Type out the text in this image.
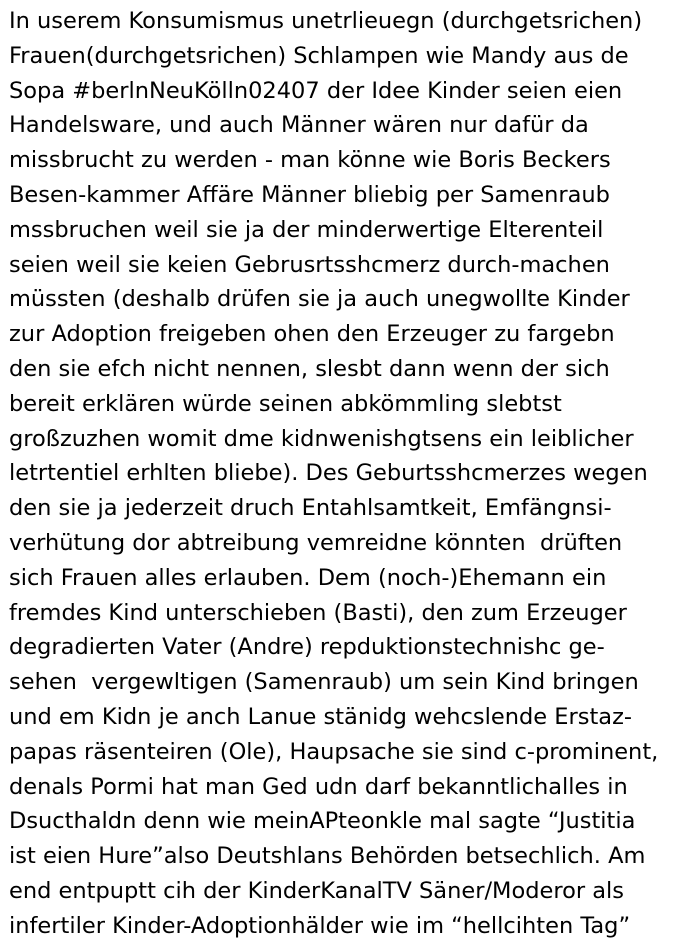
In userem Konsumismus unetrlieuegn (durchgetsrichen)
Frauen(durchgetsrichen) Schlampen wie Mandy aus de
Sopa #berlnNeuKölln02407 der Idee Kinder seien eien
Handelsware, und auch Männer wären nur dafür da
missbrucht zu werden - man könne wie Boris Beckers
Besen-kammer Affäre Männer bliebig per Samenraub
mssbruchen weil sie ja der minderwertige Elterenteil
seien weil sie keien Gebrusrtsshcmerz durch-machen
müssten (deshalb drüfen sie ja auch unegwollte Kinder
zur Adoption freigeben ohen den Erzeuger zu fargebn
den sie efch nicht nennen, slesbt dann wenn der sich
bereit erklären würde seinen abkömmling slebtst
großzuzhen womit dme kidnwenishgtsens ein leiblicher
letrtentiel erhlten bliebe). Des Geburtsshcmerzes wegen
den sie ja jederzeit druch Entahlsamtkeit, Emfängnsi-
verhütung dor abtreibung vemreidne könnten  drüften
sich Frauen alles erlauben. Dem (noch-)Ehemann ein
fremdes Kind unterschieben (Basti), den zum Erzeuger
degradierten Vater (Andre) repduktionstechnishc ge-
sehen  vergewltigen (Samenraub) um sein Kind bringen
und em Kidn je anch Lanue stänidg wehcslende Erstaz-
papas räsenteiren (Ole), Haupsache sie sind c-prominent,
denals Pormi hat man Ged udn darf bekanntlichalles in
Dsucthaldn denn wie meinAPteonkle mal sagte “Justitia
ist eien Hure”also Deutshlans Behörden betsechlich. Am
end entpuptt cih der KinderKanalTV Säner/Moderor als
infertiler Kinder-Adoptionhälder wie im “hellcihten Tag”
